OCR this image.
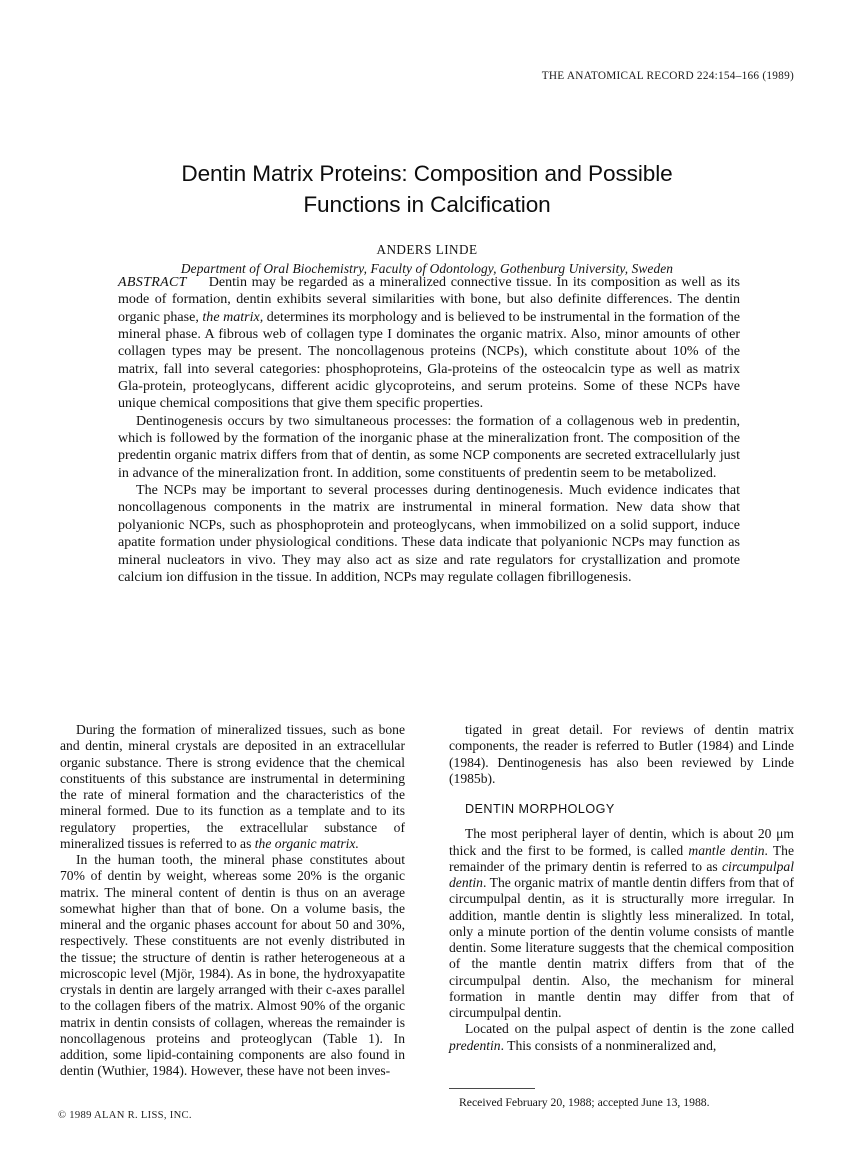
THE ANATOMICAL RECORD 224:154–166 (1989)
Dentin Matrix Proteins: Composition and Possible
Functions in Calcification
ANDERS LINDE
Department of Oral Biochemistry, Faculty of Odontology, Gothenburg University, Sweden

ABSTRACT Dentin may be regarded as a mineralized connective tissue. In its composition as well as its mode of formation, dentin exhibits several similarities with bone, but also definite differences. The dentin organic phase, the matrix, determines its morphology and is believed to be instrumental in the formation of the mineral phase. A fibrous web of collagen type I dominates the organic matrix. Also, minor amounts of other collagen types may be present. The noncollagenous proteins (NCPs), which constitute about 10% of the matrix, fall into several categories: phosphoproteins, Gla-proteins of the osteocalcin type as well as matrix Gla-protein, proteoglycans, different acidic glycoproteins, and serum proteins. Some of these NCPs have unique chemical compositions that give them specific properties.

Dentinogenesis occurs by two simultaneous processes: the formation of a collagenous web in predentin, which is followed by the formation of the inorganic phase at the mineralization front. The composition of the predentin organic matrix differs from that of dentin, as some NCP components are secreted extracellularly just in advance of the mineralization front. In addition, some constituents of predentin seem to be metabolized.

The NCPs may be important to several processes during dentinogenesis. Much evidence indicates that noncollagenous components in the matrix are instrumental in mineral formation. New data show that polyanionic NCPs, such as phosphoprotein and proteoglycans, when immobilized on a solid support, induce apatite formation under physiological conditions. These data indicate that polyanionic NCPs may function as mineral nucleators in vivo. They may also act as size and rate regulators for crystallization and promote calcium ion diffusion in the tissue. In addition, NCPs may regulate collagen fibrillogenesis.

During the formation of mineralized tissues, such as bone and dentin, mineral crystals are deposited in an extracellular organic substance. There is strong evidence that the chemical constituents of this substance are instrumental in determining the rate of mineral formation and the characteristics of the mineral formed. Due to its function as a template and to its regulatory properties, the extracellular substance of mineralized tissues is referred to as the organic matrix.

In the human tooth, the mineral phase constitutes about 70% of dentin by weight, whereas some 20% is the organic matrix. The mineral content of dentin is thus on an average somewhat higher than that of bone. On a volume basis, the mineral and the organic phases account for about 50 and 30%, respectively. These constituents are not evenly distributed in the tissue; the structure of dentin is rather heterogeneous at a microscopic level (Mjör, 1984). As in bone, the hydroxyapatite crystals in dentin are largely arranged with their c-axes parallel to the collagen fibers of the matrix. Almost 90% of the organic matrix in dentin consists of collagen, whereas the remainder is noncollagenous proteins and proteoglycan (Table 1). In addition, some lipid-containing components are also found in dentin (Wuthier, 1984). However, these have not been inves-

tigated in great detail. For reviews of dentin matrix components, the reader is referred to Butler (1984) and Linde (1984). Dentinogenesis has also been reviewed by Linde (1985b).

DENTIN MORPHOLOGY

The most peripheral layer of dentin, which is about 20 μm thick and the first to be formed, is called mantle dentin. The remainder of the primary dentin is referred to as circumpulpal dentin. The organic matrix of mantle dentin differs from that of circumpulpal dentin, as it is structurally more irregular. In addition, mantle dentin is slightly less mineralized. In total, only a minute portion of the dentin volume consists of mantle dentin. Some literature suggests that the chemical composition of the mantle dentin matrix differs from that of the circumpulpal dentin. Also, the mechanism for mineral formation in mantle dentin may differ from that of circumpulpal dentin.

Located on the pulpal aspect of dentin is the zone called predentin. This consists of a nonmineralized and,

Received February 20, 1988; accepted June 13, 1988.
© 1989 ALAN R. LISS, INC.
